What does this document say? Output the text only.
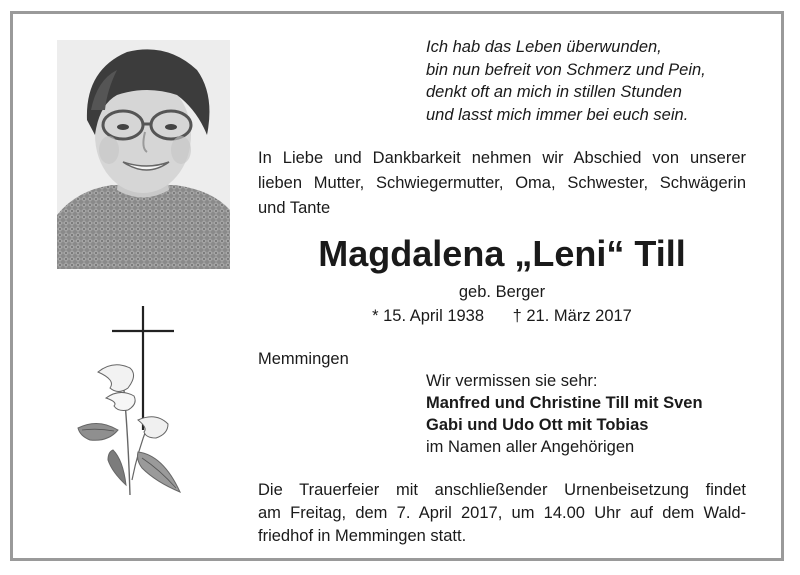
Ich hab das Leben überwunden,
bin nun befreit von Schmerz und Pein,
denkt oft an mich in stillen Stunden
und lasst mich immer bei euch sein.
In Liebe und Dankbarkeit nehmen wir Abschied von unserer
lieben Mutter, Schwiegermutter, Oma, Schwester, Schwägerin
und Tante
Magdalena „Leni“ Till
geb. Berger
* 15. April 1938 † 21. März 2017
Memmingen
Wir vermissen sie sehr:
Manfred und Christine Till mit Sven
Gabi und Udo Ott mit Tobias
im Namen aller Angehörigen
Die Trauerfeier mit anschließender Urnenbeisetzung findet
am Freitag, dem 7. April 2017, um 14.00 Uhr auf dem Wald-
friedhof in Memmingen statt.
